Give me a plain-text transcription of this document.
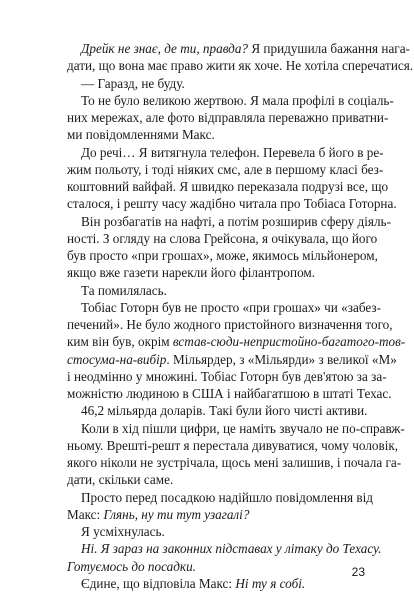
Дрейк не знає, де ти, правда? Я придушила бажання нага-
дати, що вона має право жити як хоче. Не хотіла сперечатися.
— Гаразд, не буду.
То не було великою жертвою. Я мала профілі в соціаль-
них мережах, але фото відправляла переважно приватни-
ми повідомленнями Макс.
До речі… Я витягнула телефон. Перевела б його в ре-
жим польоту, і тоді ніяких смс, але в першому класі без-
коштовний вайфай. Я швидко переказала подрузі все, що
сталося, і решту часу жадібно читала про Тобіаса Готорна.
Він розбагатів на нафті, а потім розширив сферу діяль-
ності. З огляду на слова Грейсона, я очікувала, що його
був просто «при грошах», може, якимось мільйонером,
якщо вже газети нарекли його філантропом.
Та помилялась.
Тобіас Готорн був не просто «при грошах» чи «забез-
печений». Не було жодного пристойного визначення того,
ким він був, окрім встав-сюди-непристойно-багатого-тов-
стосума-на-вибір. Мільярдер, з «Мільярди» з великої «М»
і неодмінно у множині. Тобіас Готорн був дев'ятою за за-
можністю людиною в США і найбагатшою в штаті Техас.
46,2 мільярда доларів. Такі були його чисті активи.
Коли в хід пішли цифри, це наміть звучало не по-справж-
ньому. Врешті-решт я перестала дивуватися, чому чоловік,
якого ніколи не зустрічала, щось мені залишив, і почала га-
дати, скільки саме.
Просто перед посадкою надійшло повідомлення від
Макс: Глянь, ну ти тут узагалі?
Я усміхнулась.
Ні. Я зараз на законних підставах у літаку до Техасу.
Готуємось до посадки.
Єдине, що відповіла Макс: Ні ту я собі.
23
